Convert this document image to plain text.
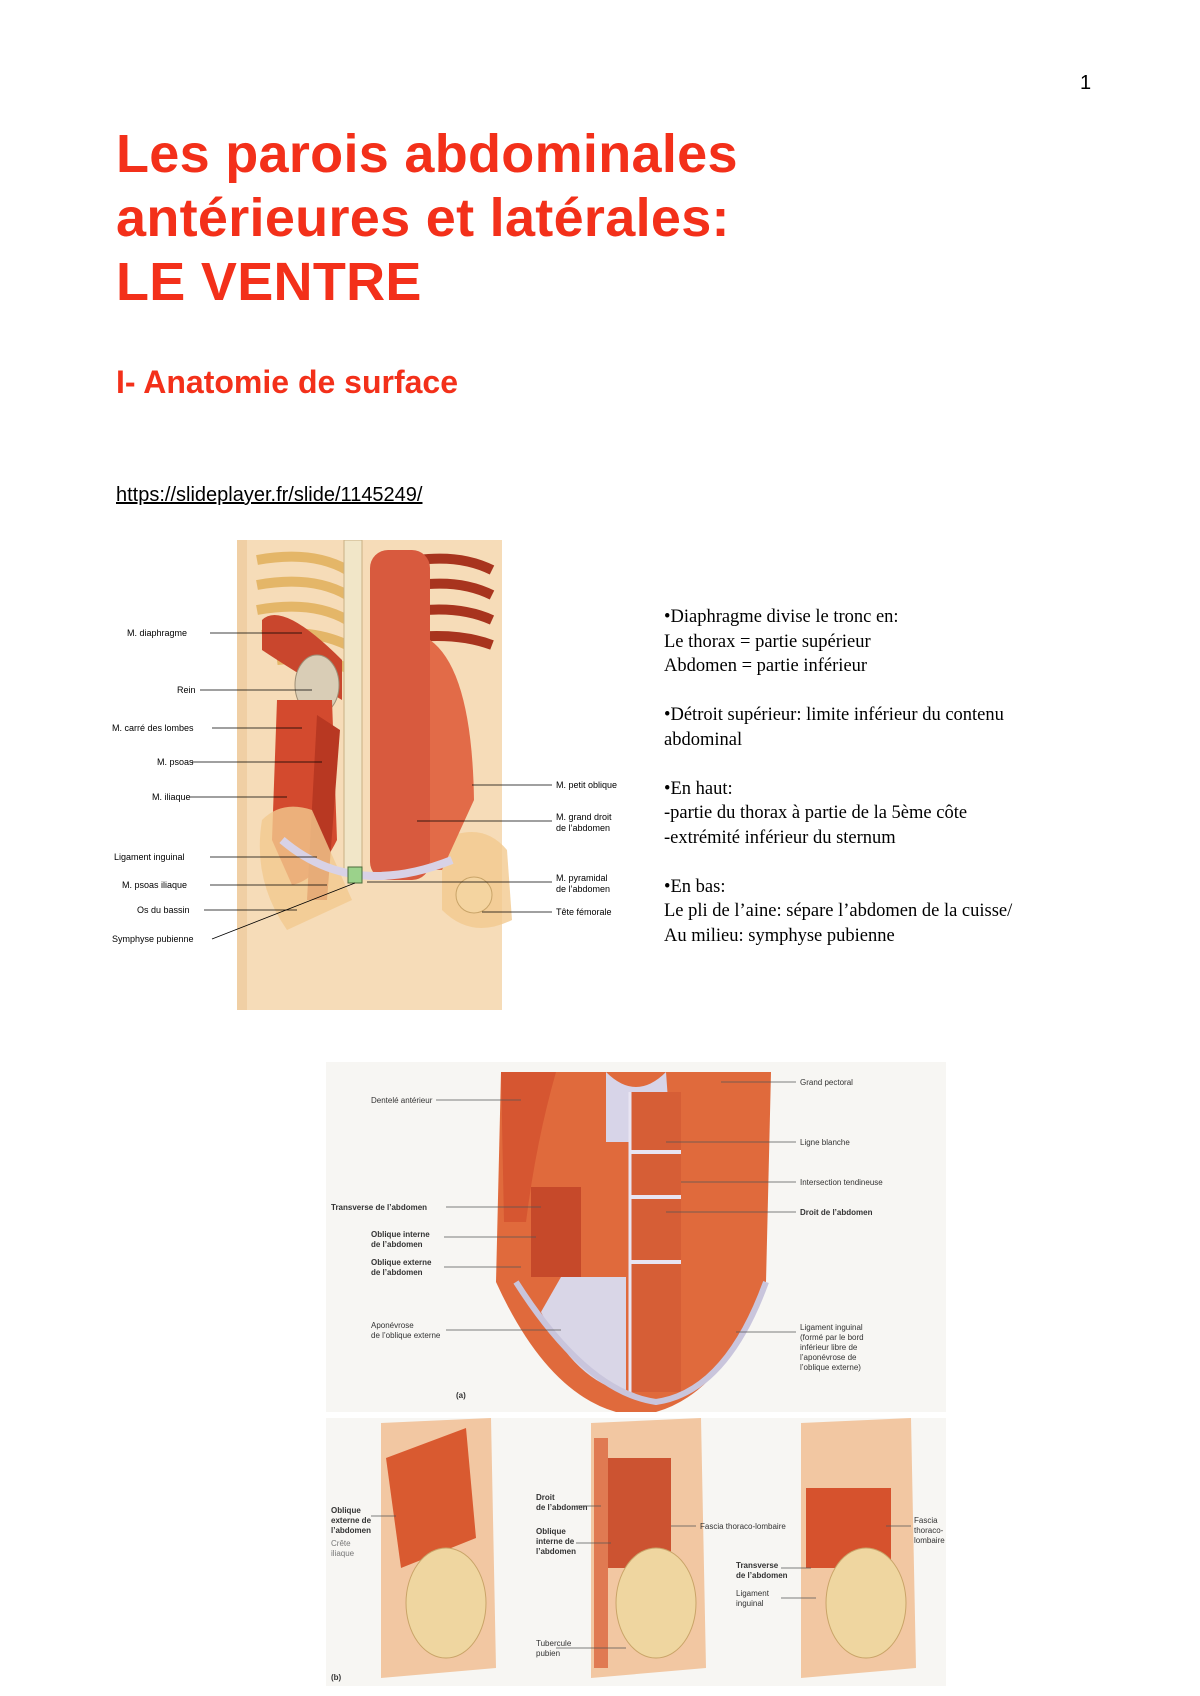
1
Les parois abdominales
antérieures et latérales:
LE VENTRE
I- Anatomie de surface
https://slideplayer.fr/slide/1145249/
M. diaphragme
Rein
M. carré des lombes
M. psoas
M. iliaque
Ligament inguinal
M. psoas iliaque
Os du bassin
Symphyse pubienne
M. petit oblique
M. grand droit
de l’abdomen
M. pyramidal
de l’abdomen
Tête fémorale
•Diaphragme divise le tronc en:
Le thorax = partie supérieur
Abdomen = partie inférieur
•Détroit supérieur: limite inférieur du contenu
abdominal
•En haut:
-partie du thorax à partie de la 5ème côte
-extrémité inférieur du sternum
•En bas:
Le pli de l’aine: sépare l’abdomen de la cuisse/
Au milieu: symphyse pubienne
Dentelé antérieur
Transverse de l’abdomen
Oblique interne
de l’abdomen
Oblique externe
de l’abdomen
Aponévrose
de l’oblique externe
(a)
Grand pectoral
Ligne blanche
Intersection tendineuse
Droit de l’abdomen
Ligament inguinal
(formé par le bord
inférieur libre de
l’aponévrose de
l’oblique externe)
Oblique
externe de
l’abdomen
Crête
iliaque
Droit
de l’abdomen
Oblique
interne de
l’abdomen
Fascia thoraco-lombaire
Tubercule
pubien
Fascia
thoraco-
lombaire
Transverse
de l’abdomen
Ligament
inguinal
(b)
